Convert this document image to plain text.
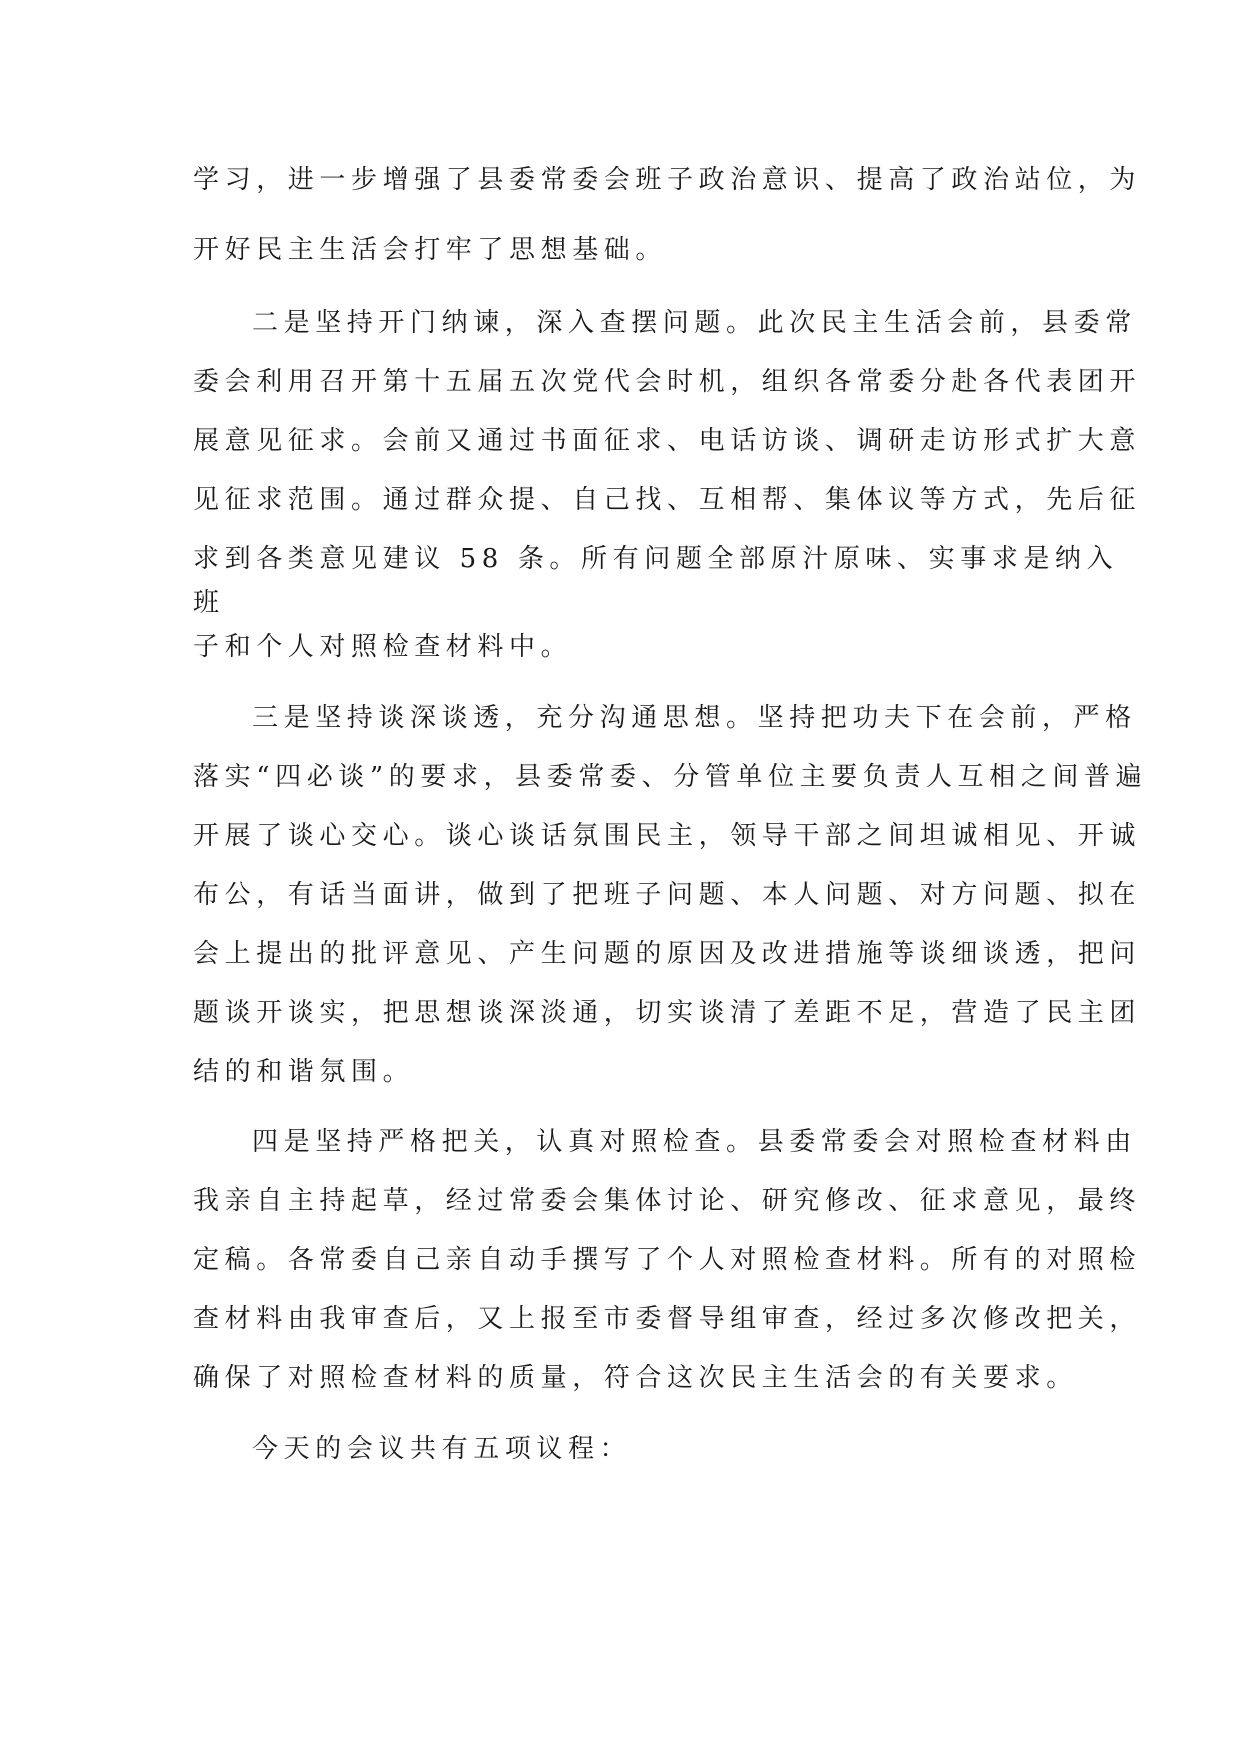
学习，进一步增强了县委常委会班子政治意识、提高了政治站位，为
开好民主生活会打牢了思想基础。
二是坚持开门纳谏，深入查摆问题。此次民主生活会前，县委常
委会利用召开第十五届五次党代会时机，组织各常委分赴各代表团开
展意见征求。会前又通过书面征求、电话访谈、调研走访形式扩大意
见征求范围。通过群众提、自己找、互相帮、集体议等方式，先后征
求到各类意见建议 58 条。所有问题全部原汁原味、实事求是纳入
班
子和个人对照检查材料中。
三是坚持谈深谈透，充分沟通思想。坚持把功夫下在会前，严格
落实“四必谈”的要求，县委常委、分管单位主要负责人互相之间普遍
开展了谈心交心。谈心谈话氛围民主，领导干部之间坦诚相见、开诚
布公，有话当面讲，做到了把班子问题、本人问题、对方问题、拟在
会上提出的批评意见、产生问题的原因及改进措施等谈细谈透，把问
题谈开谈实，把思想谈深淡通，切实谈清了差距不足，营造了民主团
结的和谐氛围。
四是坚持严格把关，认真对照检查。县委常委会对照检查材料由
我亲自主持起草，经过常委会集体讨论、研究修改、征求意见，最终
定稿。各常委自己亲自动手撰写了个人对照检查材料。所有的对照检
查材料由我审查后，又上报至市委督导组审查，经过多次修改把关，
确保了对照检查材料的质量，符合这次民主生活会的有关要求。
今天的会议共有五项议程：
